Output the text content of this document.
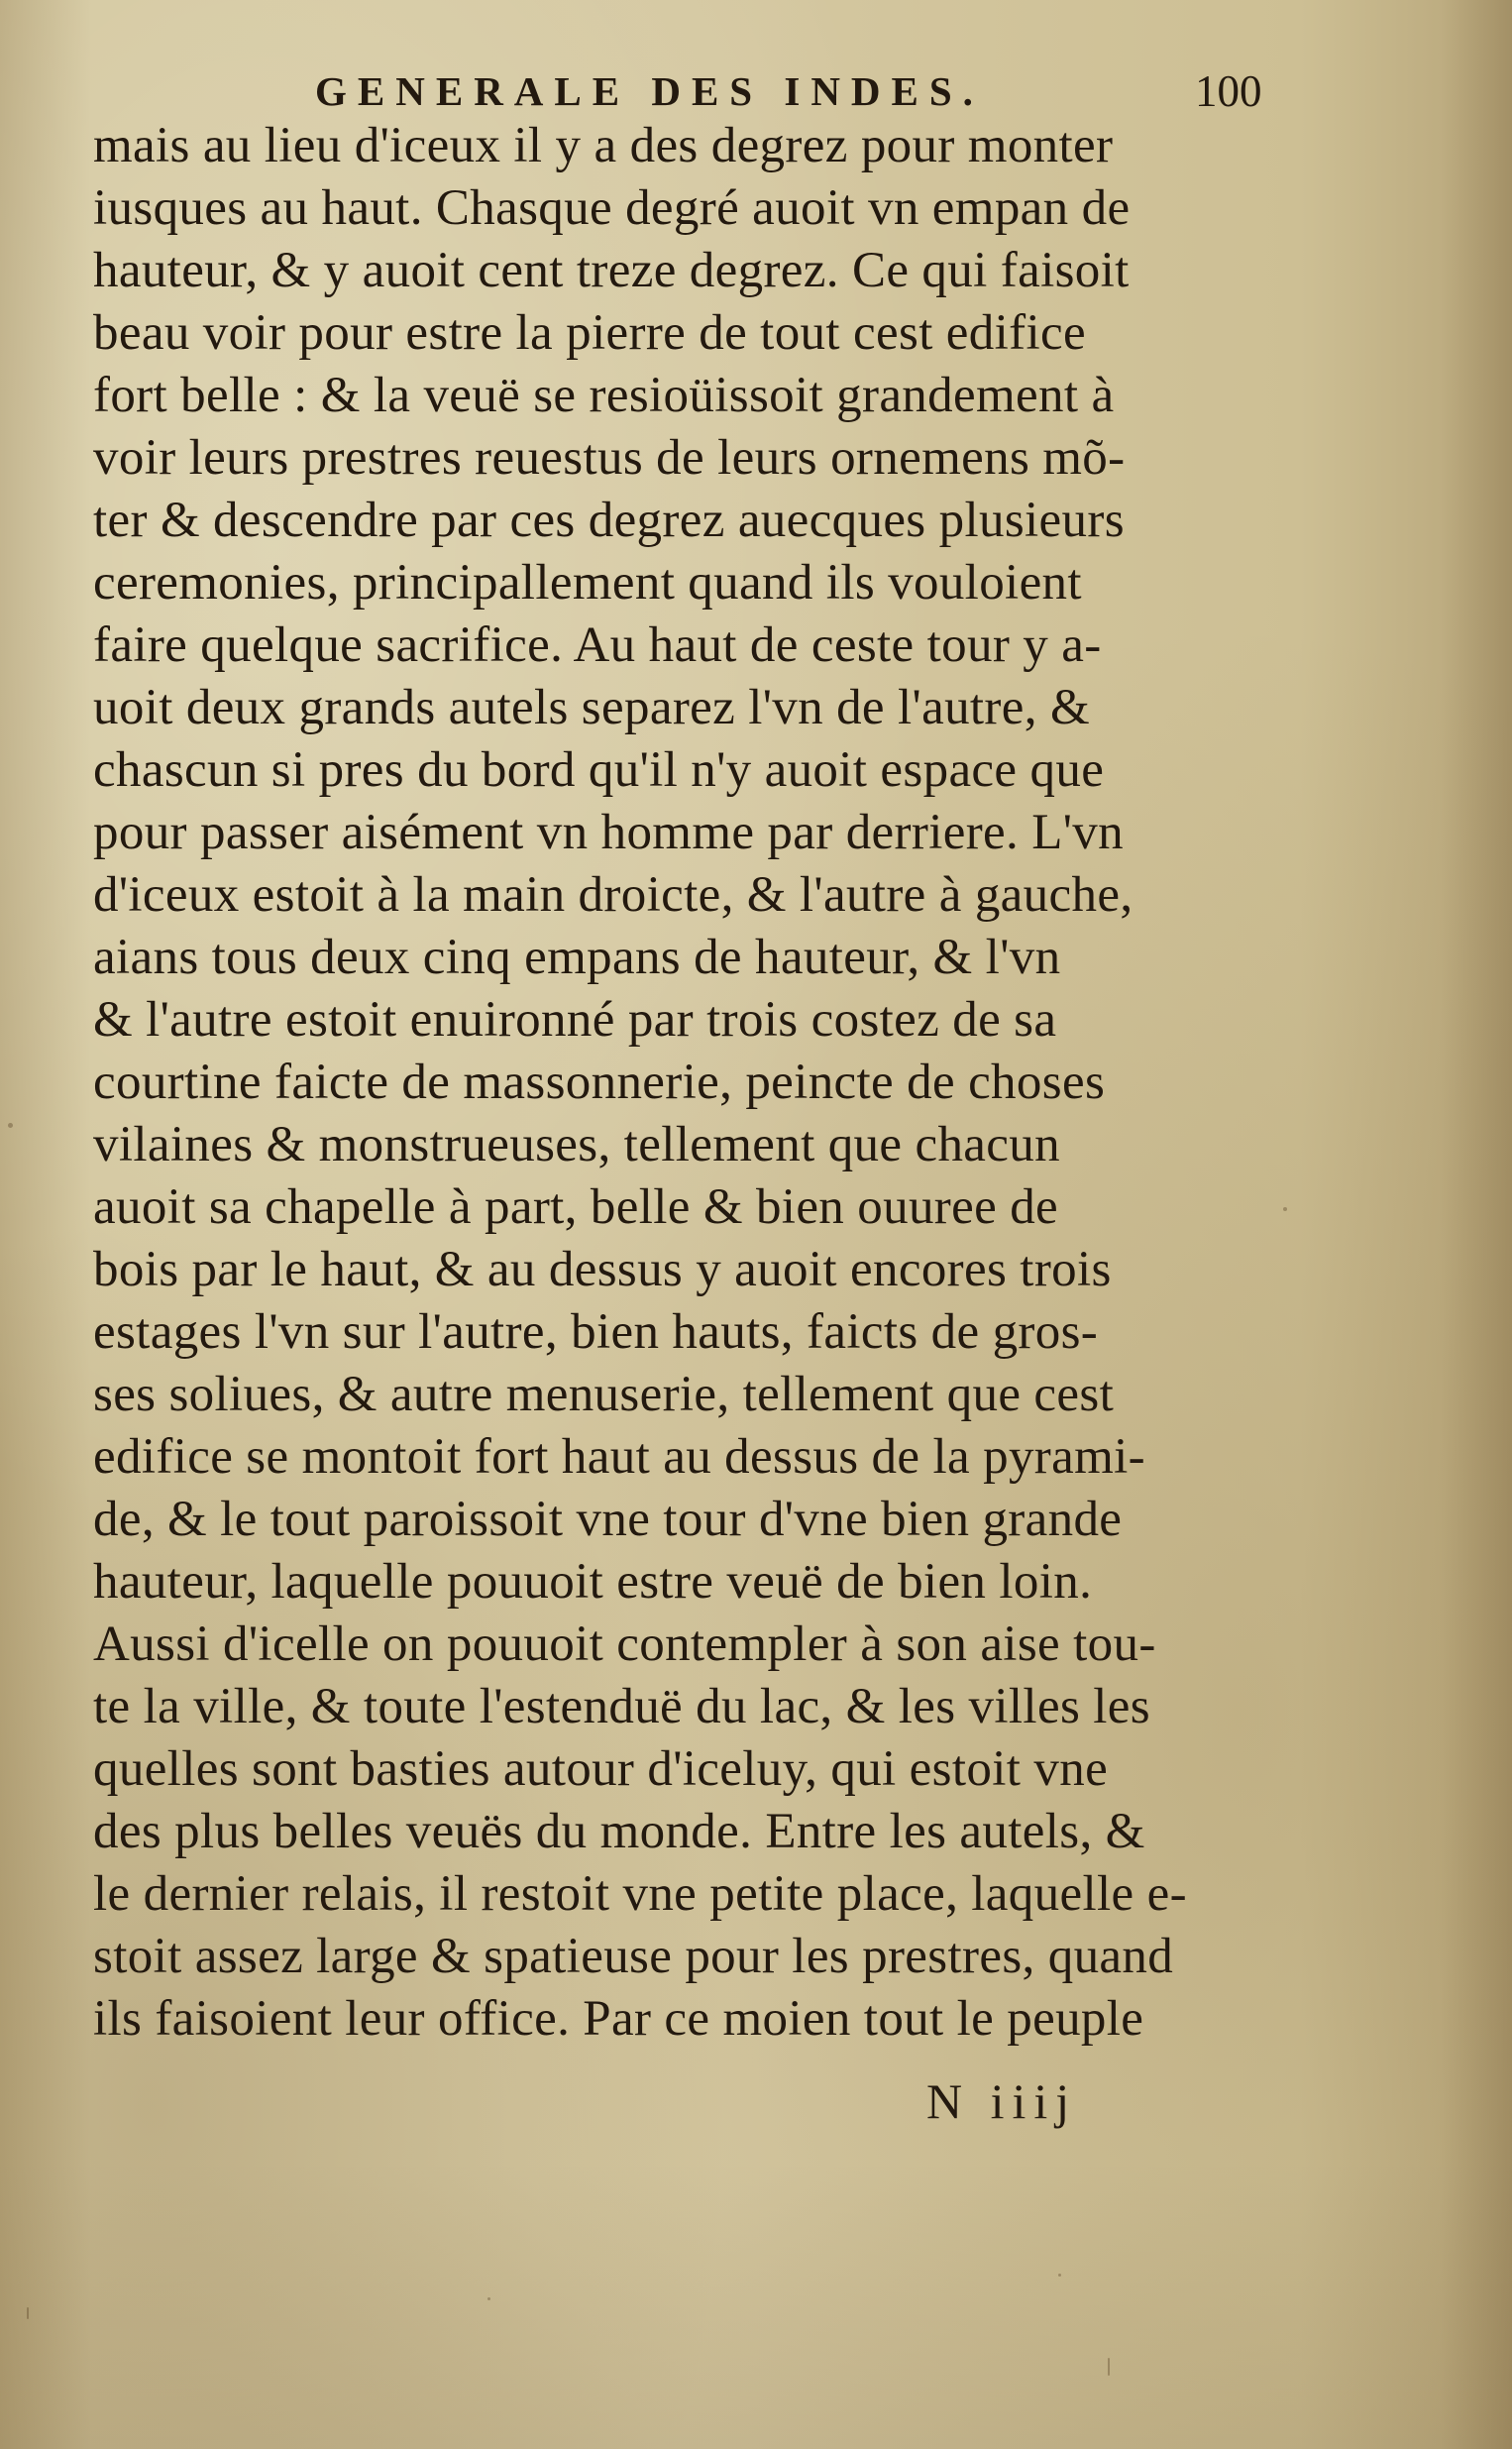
GENERALE DES INDES.	100
mais au lieu d'iceux il y a des degrez pour monter
iusques au haut. Chasque degré auoit vn empan de
hauteur, & y auoit cent treze degrez. Ce qui faisoit
beau voir pour estre la pierre de tout cest edifice
fort belle : & la veuë se resioüissoit grandement à
voir leurs prestres reuestus de leurs ornemens mõ-
ter & descendre par ces degrez auecques plusieurs
ceremonies, principallement quand ils vouloient
faire quelque sacrifice. Au haut de ceste tour y a-
uoit deux grands autels separez l'vn de l'autre, &
chascun si pres du bord qu'il n'y auoit espace que
pour passer aisément vn homme par derriere. L'vn
d'iceux estoit à la main droicte, & l'autre à gauche,
aians tous deux cinq empans de hauteur, & l'vn
& l'autre estoit enuironné par trois costez de sa
courtine faicte de massonnerie, peincte de choses
vilaines & monstrueuses, tellement que chacun
auoit sa chapelle à part, belle & bien ouuree de
bois par le haut, & au dessus y auoit encores trois
estages l'vn sur l'autre, bien hauts, faicts de gros-
ses soliues, & autre menuserie, tellement que cest
edifice se montoit fort haut au dessus de la pyrami-
de, & le tout paroissoit vne tour d'vne bien grande
hauteur, laquelle pouuoit estre veuë de bien loin.
Aussi d'icelle on pouuoit contempler à son aise tou-
te la ville, & toute l'estenduë du lac, & les villes les
quelles sont basties autour d'iceluy, qui estoit vne
des plus belles veuës du monde. Entre les autels, &
le dernier relais, il restoit vne petite place, laquelle e-
stoit assez large & spatieuse pour les prestres, quand
ils faisoient leur office. Par ce moien tout le peuple
N iiij
